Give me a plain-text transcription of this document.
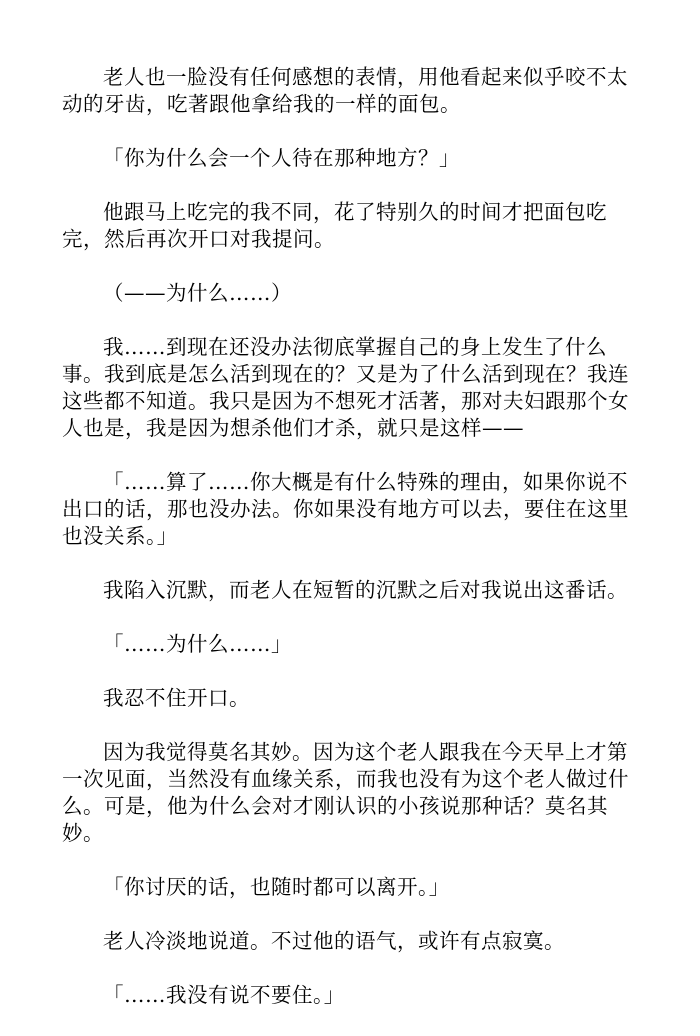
老人也一脸没有任何感想的表情，用他看起来似乎咬不太动的牙齿，吃著跟他拿给我的一样的面包。

「你为什么会一个人待在那种地方？」

他跟马上吃完的我不同，花了特别久的时间才把面包吃完，然后再次开口对我提问。

（——为什么……）

我……到现在还没办法彻底掌握自己的身上发生了什么事。我到底是怎么活到现在的？又是为了什么活到现在？我连这些都不知道。我只是因为不想死才活著，那对夫妇跟那个女人也是，我是因为想杀他们才杀，就只是这样——

「……算了……你大概是有什么特殊的理由，如果你说不出口的话，那也没办法。你如果没有地方可以去，要住在这里也没关系。」

我陷入沉默，而老人在短暂的沉默之后对我说出这番话。

「……为什么……」

我忍不住开口。

因为我觉得莫名其妙。因为这个老人跟我在今天早上才第一次见面，当然没有血缘关系，而我也没有为这个老人做过什么。可是，他为什么会对才刚认识的小孩说那种话？莫名其妙。

「你讨厌的话，也随时都可以离开。」

老人冷淡地说道。不过他的语气，或许有点寂寞。

「……我没有说不要住。」
